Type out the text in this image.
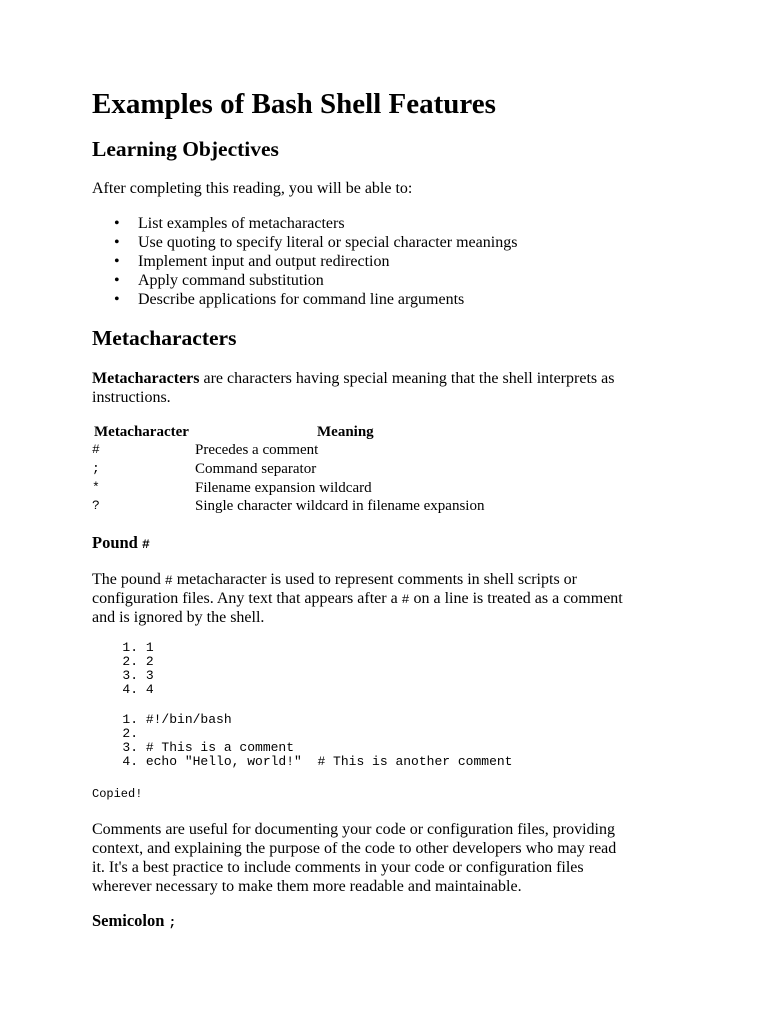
Examples of Bash Shell Features
Learning Objectives

After completing this reading, you will be able to:

• List examples of metacharacters
• Use quoting to specify literal or special character meanings
• Implement input and output redirection
• Apply command substitution
• Describe applications for command line arguments
Metacharacters

Metacharacters are characters having special meaning that the shell interprets as

instructions.

Metacharacter	Meaning
#	Precedes a comment
;	Command separator
*	Filename expansion wildcard
?	Single character wildcard in filename expansion
Pound #

The pound # metacharacter is used to represent comments in shell scripts or

configuration files. Any text that appears after a # on a line is treated as a comment

and is ignored by the shell.

1. 1
2. 2
3. 3
4. 4
1. #!/bin/bash
2.
3. # This is a comment
4. echo "Hello, world!"  # This is another comment
Copied!

Comments are useful for documenting your code or configuration files, providing

context, and explaining the purpose of the code to other developers who may read

it. It's a best practice to include comments in your code or configuration files

wherever necessary to make them more readable and maintainable.

Semicolon ;
